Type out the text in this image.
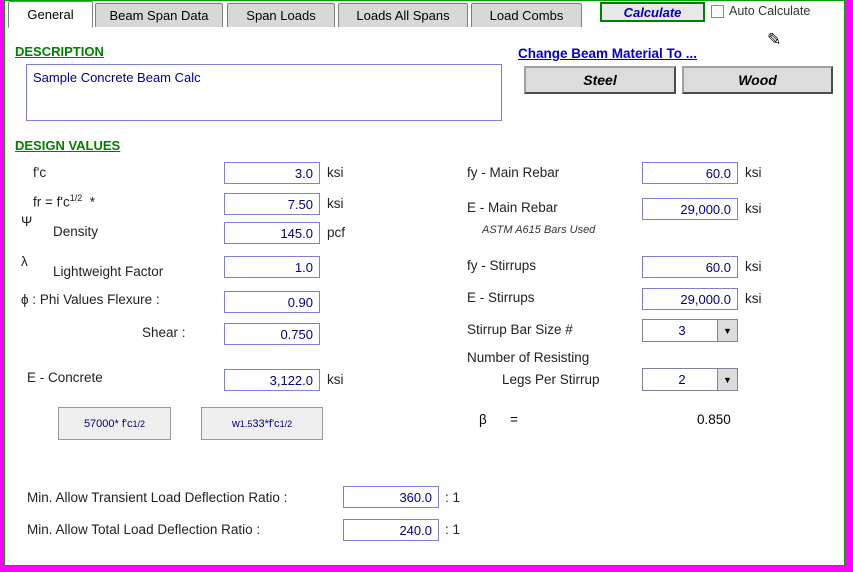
General	Beam Span Data	Span Loads	Loads All Spans	Load Combs	Calculate	Auto Calculate
✎
DESCRIPTION
Sample Concrete Beam Calc
Change Beam Material To ...
Steel	Wood
DESIGN VALUES
f'c	3.0	ksi
fr = $f'c^{1/2}$ *	7.50	ksi
Ψ
Density	145.0	pcf
λ
Lightweight Factor	1.0
ϕ : Phi Values Flexure :	0.90
Shear :	0.750
E - Concrete	3,122.0	ksi
57000* f'c 1/2	w 1.5 33*f'c 1/2
fy - Main Rebar	60.0	ksi
E - Main Rebar	29,000.0	ksi
ASTM A615 Bars Used
fy - Stirrups	60.0	ksi
E - Stirrups	29,000.0	ksi
Stirrup Bar Size #	3	▼
Number of Resisting
Legs Per Stirrup	2	▼
β =	0.850
Min. Allow Transient Load Deflection Ratio :	360.0 : 1
Min. Allow Total Load Deflection Ratio :	240.0 : 1
